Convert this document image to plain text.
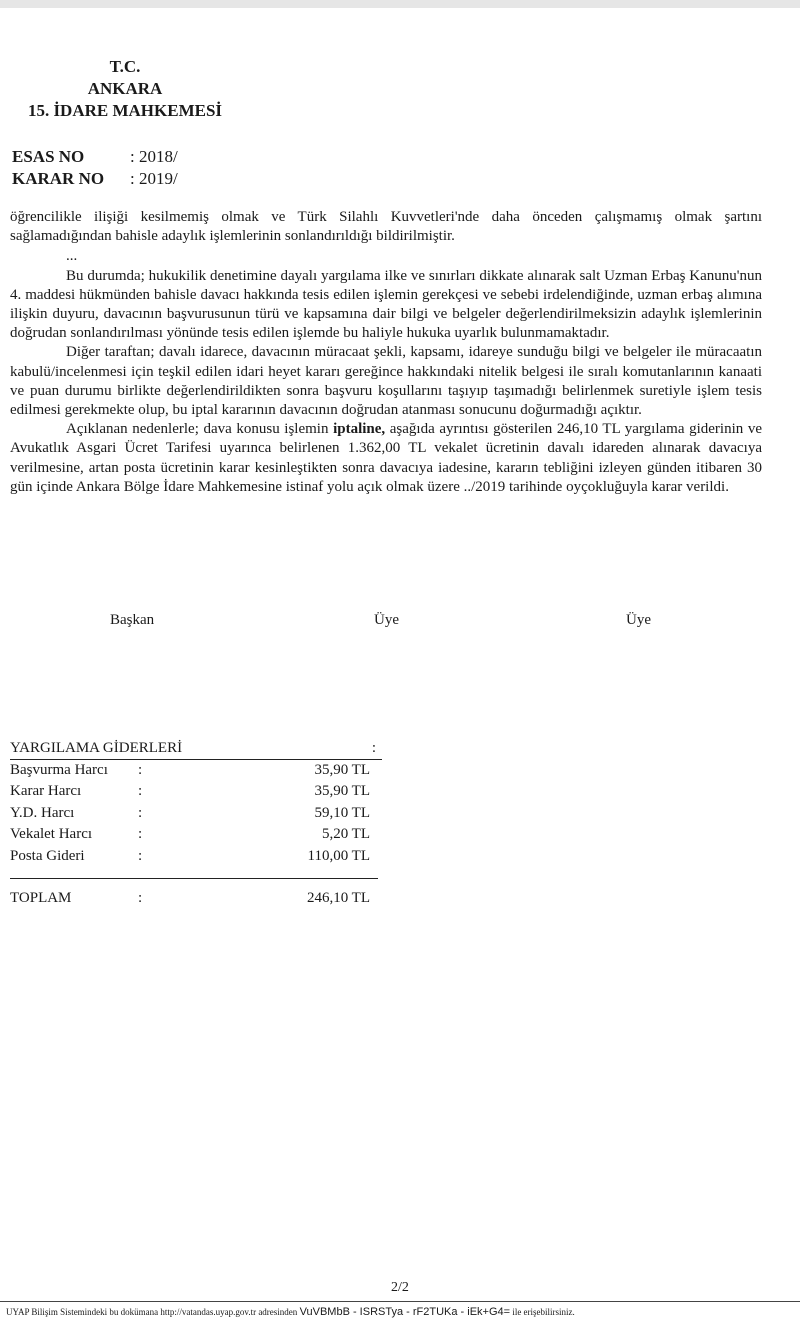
T.C.
ANKARA
15. İDARE MAHKEMESİ
ESAS NO	: 2018/
KARAR NO	: 2019/

öğrencilikle ilişiği kesilmemiş olmak ve Türk Silahlı Kuvvetleri'nde daha önceden çalışmamış olmak şartını sağlamadığından bahisle adaylık işlemlerinin sonlandırıldığı bildirilmiştir.

...

Bu durumda; hukukilik denetimine dayalı yargılama ilke ve sınırları dikkate alınarak salt Uzman Erbaş Kanunu'nun 4. maddesi hükmünden bahisle davacı hakkında tesis edilen işlemin gerekçesi ve sebebi irdelendiğinde, uzman erbaş alımına ilişkin duyuru, davacının başvurusunun türü ve kapsamına dair bilgi ve belgeler değerlendirilmeksizin adaylık işlemlerinin doğrudan sonlandırılması yönünde tesis edilen işlemde bu haliyle hukuka uyarlık bulunmamaktadır.

Diğer taraftan; davalı idarece, davacının müracaat şekli, kapsamı, idareye sunduğu bilgi ve belgeler ile müracaatın kabulü/incelenmesi için teşkil edilen idari heyet kararı gereğince hakkındaki nitelik belgesi ile sıralı komutanlarının kanaati ve puan durumu birlikte değerlendirildikten sonra başvuru koşullarını taşıyıp taşımadığı belirlenmek suretiyle işlem tesis edilmesi gerekmekte olup, bu iptal kararının davacının doğrudan atanması sonucunu doğurmadığı açıktır.

Açıklanan nedenlerle; dava konusu işlemin iptaline, aşağıda ayrıntısı gösterilen 246,10 TL yargılama giderinin ve Avukatlık Asgari Ücret Tarifesi uyarınca belirlenen 1.362,00 TL vekalet ücretinin davalı idareden alınarak davacıya verilmesine, artan posta ücretinin karar kesinleştikten sonra davacıya iadesine, kararın tebliğini izleyen günden itibaren 30 gün içinde Ankara Bölge İdare Mahkemesine istinaf yolu açık olmak üzere ../2019 tarihinde oyçokluğuyla karar verildi.

Başkan	Üye	Üye
YARGILAMA GİDERLERİ	:
Başvurma Harcı	:	35,90 TL
Karar Harcı	:	35,90 TL
Y.D. Harcı	:	59,10 TL
Vekalet Harcı	:	5,20 TL
Posta Gideri	:	110,00 TL
TOPLAM	:	246,10 TL
2/2
UYAP Bilişim Sistemindeki bu dokümana http://vatandas.uyap.gov.tr adresinden VuVBMbB - ISRSTya - rF2TUKa - iEk+G4= ile erişebilirsiniz.
